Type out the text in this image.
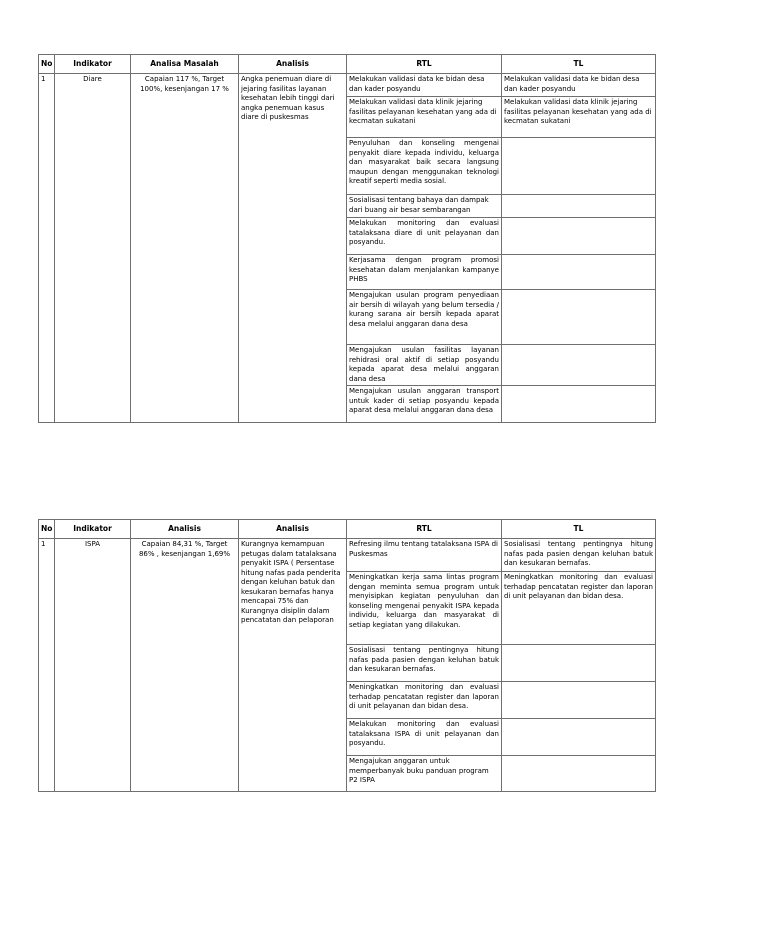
No	Indikator	Analisa Masalah	Analisis	RTL	TL
1	Diare	Capaian 117 %, Target 100%, kesenjangan 17 %	Angka penemuan diare di jejaring fasilitas layanan kesehatan lebih tinggi dari angka penemuan kasus diare di puskesmas	Melakukan validasi data ke bidan desa dan kader posyandu	Melakukan validasi data ke bidan desa dan kader posyandu
				Melakukan validasi data klinik jejaring fasilitas pelayanan kesehatan yang ada di kecmatan sukatani	Melakukan validasi data klinik jejaring fasilitas pelayanan kesehatan yang ada di kecmatan sukatani
				Penyuluhan dan konseling mengenai penyakit diare kepada individu, keluarga dan masyarakat baik secara langsung maupun dengan menggunakan teknologi kreatif seperti media sosial.	
				Sosialisasi tentang bahaya dan dampak dari buang air besar sembarangan	
				Melakukan monitoring dan evaluasi tatalaksana diare di unit pelayanan dan posyandu.	
				Kerjasama dengan program promosi kesehatan dalam menjalankan kampanye PHBS	
				Mengajukan usulan program penyediaan air bersih di wilayah yang belum tersedia / kurang sarana air bersih kepada aparat desa melalui anggaran dana desa	
				Mengajukan usulan fasilitas layanan rehidrasi oral aktif di setiap posyandu kepada aparat desa melalui anggaran dana desa	
				Mengajukan usulan anggaran transport untuk kader di setiap posyandu kepada aparat desa melalui anggaran dana desa	
No	Indikator	Analisis	Analisis	RTL	TL
1	ISPA	Capaian 84,31 %, Target 86% , kesenjangan 1,69%	Kurangnya kemampuan petugas dalam tatalaksana penyakit ISPA ( Persentase hitung nafas pada penderita dengan keluhan batuk dan kesukaran bernafas hanya mencapai 75% dan Kurangnya disiplin dalam pencatatan dan pelaporan	Refresing ilmu tentang tatalaksana ISPA di Puskesmas	Sosialisasi tentang pentingnya hitung nafas pada pasien dengan keluhan batuk dan kesukaran bernafas.
				Meningkatkan kerja sama lintas program dengan meminta semua program untuk menyisipkan kegiatan penyuluhan dan konseling mengenai penyakit ISPA kepada individu, keluarga dan masyarakat di setiap kegiatan yang dilakukan.	Meningkatkan monitoring dan evaluasi terhadap pencatatan register dan laporan di unit pelayanan dan bidan desa.
				Sosialisasi tentang pentingnya hitung nafas pada pasien dengan keluhan batuk dan kesukaran bernafas.	
				Meningkatkan monitoring dan evaluasi terhadap pencatatan register dan laporan di unit pelayanan dan bidan desa.	
				Melakukan monitoring dan evaluasi tatalaksana ISPA di unit pelayanan dan posyandu.	
				Mengajukan anggaran untuk memperbanyak buku panduan program P2 ISPA	
